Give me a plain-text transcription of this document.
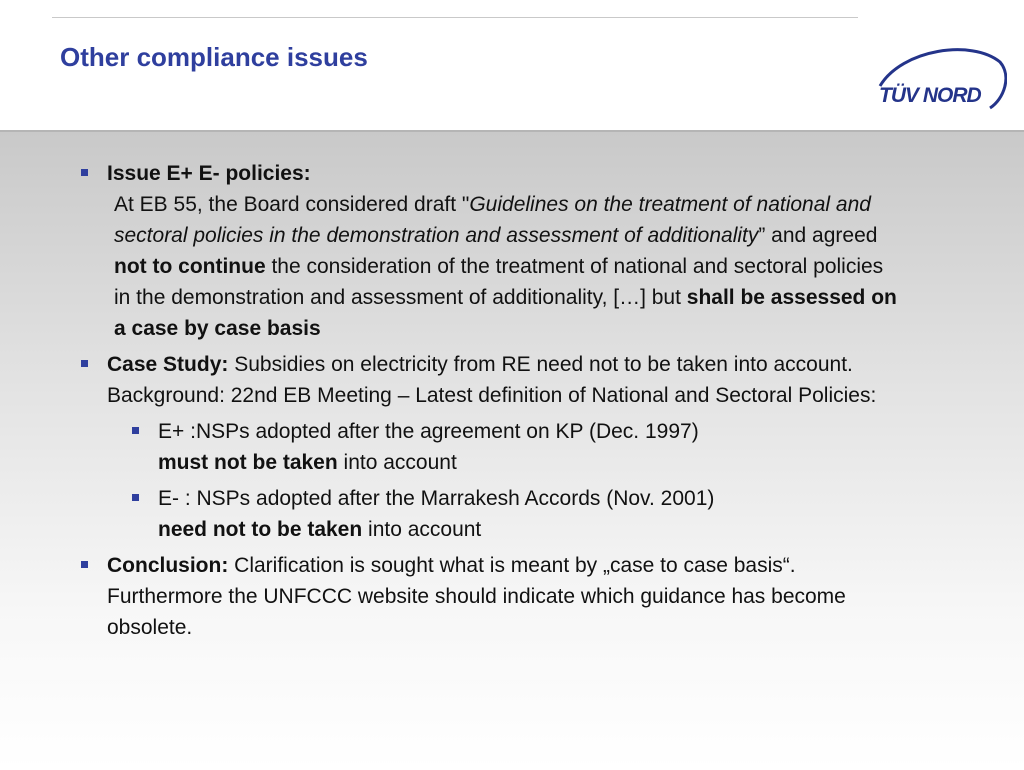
Other compliance issues
TÜV NORD

Issue E+ E- policies:

At EB 55, the Board considered draft "Guidelines on the treatment of national and sectoral policies in the demonstration and assessment of additionality” and agreed not to continue the consideration of the treatment of national and sectoral policies in the demonstration and assessment of additionality, […] but shall be assessed on a case by case basis

Case Study: Subsidies on electricity from RE need not to be taken into account.

Background: 22nd EB Meeting – Latest definition of National and Sectoral Policies:

E+ :NSPs adopted after the agreement on KP (Dec. 1997)
must not be taken into account

E- : NSPs adopted after the Marrakesh Accords (Nov. 2001)
need not to be taken into account

Conclusion: Clarification is sought what is meant by „case to case basis“. Furthermore the UNFCCC website should indicate which guidance has become obsolete.
